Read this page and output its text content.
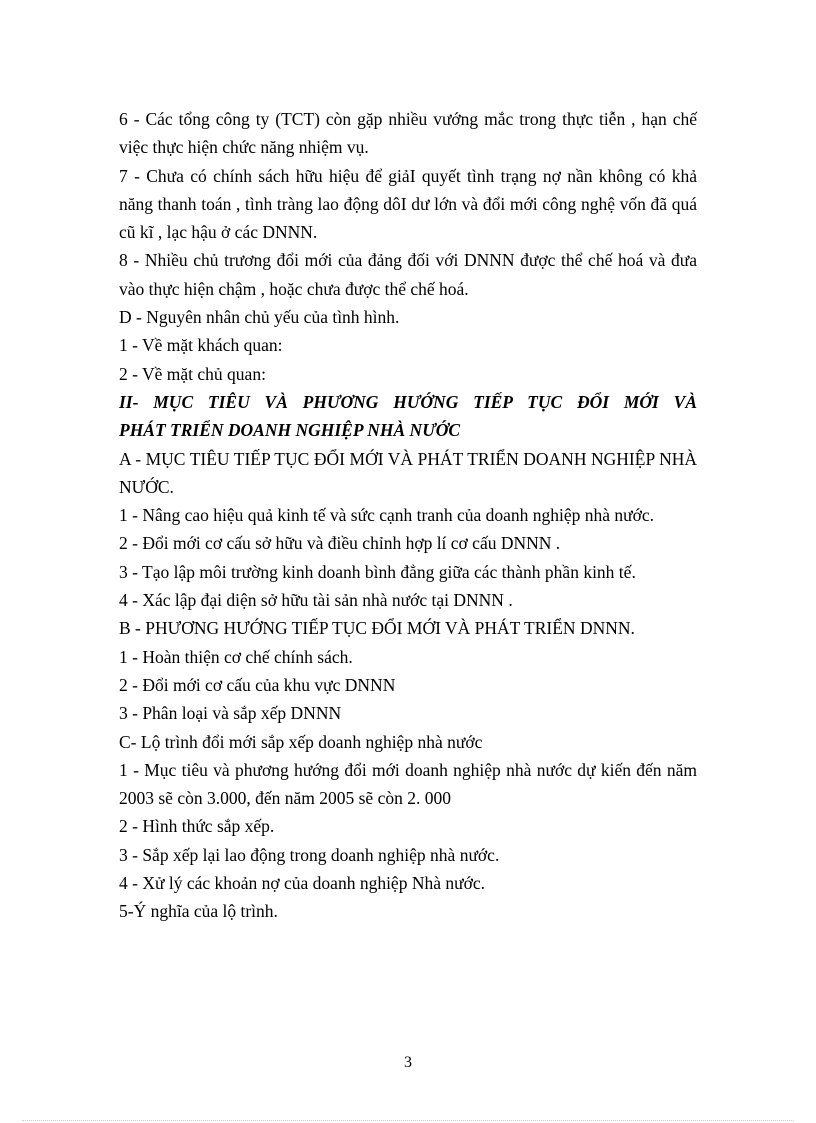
6 - Các tổng công ty (TCT) còn gặp nhiều vướng mắc trong thực tiễn , hạn chế việc thực hiện chức năng nhiệm vụ.

7 - Chưa có chính sách hữu hiệu để giảI quyết tình trạng nợ nần không có khả năng thanh toán , tình tràng lao động dôI dư lớn và đổi mới công nghệ vốn đã quá cũ kĩ , lạc hậu ở các DNNN.

8 - Nhiều chủ trương đổi mới của đảng đối với DNNN được thể chế hoá và đưa vào thực hiện chậm , hoặc chưa được thể chế hoá.

D - Nguyên nhân chủ yếu của tình hình.

1 - Về mặt khách quan:

2 - Về mặt chủ quan:

II- MỤC TIÊU VÀ PHƯƠNG HƯỚNG TIẾP TỤC ĐỔI MỚI VÀ
PHÁT TRIỂN DOANH NGHIỆP NHÀ NƯỚC

A - MỤC TIÊU TIẾP TỤC ĐỔI MỚI VÀ PHÁT TRIỂN DOANH NGHIỆP NHÀ NƯỚC.

1 - Nâng cao hiệu quả kinh tế và sức cạnh tranh của doanh nghiệp nhà nước.

2 - Đổi mới cơ cấu sở hữu và điều chỉnh hợp lí cơ cấu DNNN .

3 - Tạo lập môi trường kinh doanh bình đẳng giữa các thành phần kinh tế.

4 - Xác lập đại diện sở hữu tài sản nhà nước tại DNNN .

B - PHƯƠNG HƯỚNG TIẾP TỤC ĐỔI MỚI VÀ PHÁT TRIỂN DNNN.

1 - Hoàn thiện cơ chế chính sách.

2 - Đổi mới cơ cấu của khu vực DNNN

3 - Phân loại và sắp xếp DNNN

C- Lộ trình đổi mới sắp xếp doanh nghiệp nhà nước

1 - Mục tiêu và phương hướng đổi mới doanh nghiệp nhà nước dự kiến đến năm 2003 sẽ còn 3.000, đến năm 2005 sẽ còn 2. 000

2 - Hình thức sắp xếp.

3 - Sắp xếp lại lao động trong doanh nghiệp nhà nước.

4 - Xử lý các khoản nợ của doanh nghiệp Nhà nước.

5-Ý nghĩa của lộ trình.

3
